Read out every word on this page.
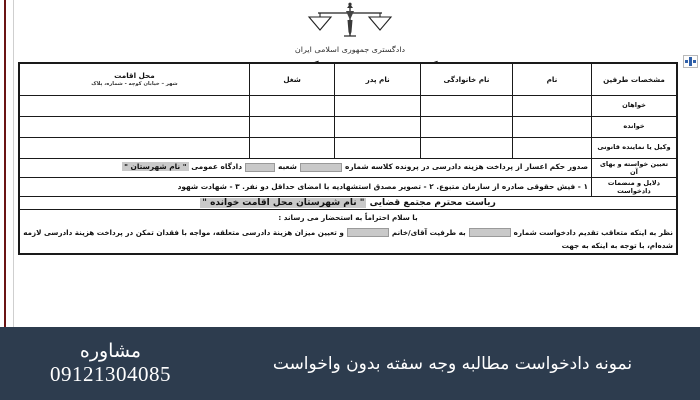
دادگستری جمهوری اسلامی ایران
مشخصات طرفین	نام	نام خانوادگی	نام پدر	شغل	محل اقامت
شهر – خیابان کوچه - شماره، پلاک

خواهان					
خوانده					
وکیل یا نماینده قانونی					
تعیین خواسته و بهای آن	صدور حکم اعسار از پرداخت هزینه دادرسی در پرونده کلاسه شمارهشعبهدادگاه عمومی " نام شهرستان "				
دلایل و منضمات دادخواست	۱ - فیش حقوقی صادره از سازمان متبوع. ۲ - تصویر مصدق استشهادیه با امضای حداقل دو نفر. ۳ - شهادت شهود				
ریاست محترم مجتمع قضایی " نام شهرستان محل اقامت خوانده "					

با سلام احتراماً به استحضار می رساند :

نظر به اینکه متعاقب تقدیم دادخواست شمارهبه طرفیت آقای/خانمو تعیین میزان هزینة دادرسی متعلقه، مواجه با فقدان تمکن در پرداخت هزینة دادرسی لازمه شده‌ام، با توجه به اینکه به جهت					

نمونه دادخواست مطالبه وجه سفته بدون واخواست
مشاوره
09121304085
